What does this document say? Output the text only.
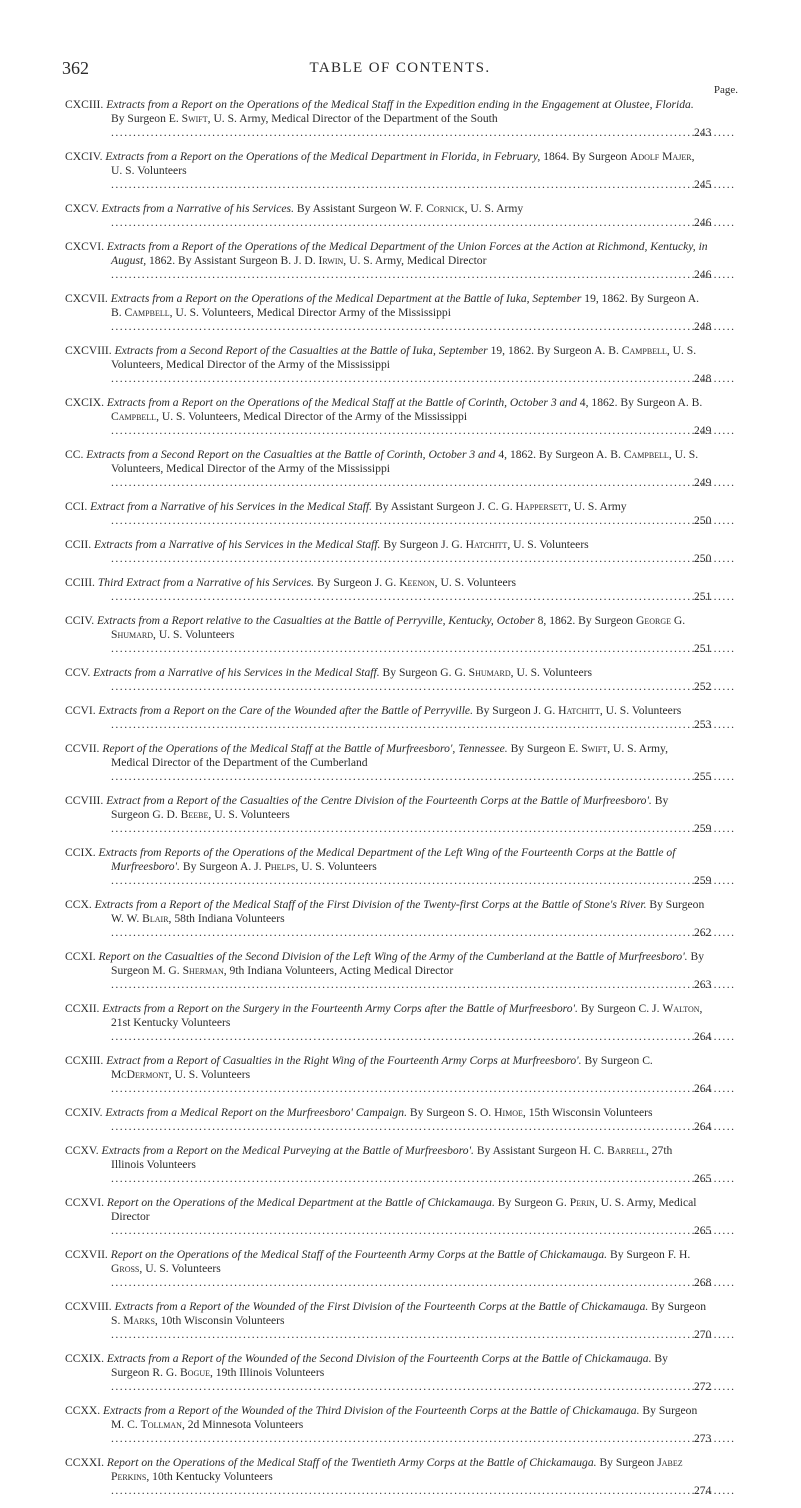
362	TABLE OF CONTENTS.
Page.
CXCIII. Extracts from a Report on the Operations of the Medical Staff in the Expedition ending in the Engagement at Olustee, Florida. By Surgeon E. Swift, U. S. Army, Medical Director of the Department of the South .....
243
CXCIV. Extracts from a Report on the Operations of the Medical Department in Florida, in February, 1864. By Surgeon Adolf Majer, U. S. Volunteers .....
245
CXCV. Extracts from a Narrative of his Services. By Assistant Surgeon W. F. Cornick, U. S. Army .....
246
CXCVI. Extracts from a Report of the Operations of the Medical Department of the Union Forces at the Action at Richmond, Kentucky, in August, 1862. By Assistant Surgeon B. J. D. Irwin, U. S. Army, Medical Director .....
246
CXCVII. Extracts from a Report on the Operations of the Medical Department at the Battle of Iuka, September 19, 1862. By Surgeon A. B. Campbell, U. S. Volunteers, Medical Director Army of the Mississippi .....
248
CXCVIII. Extracts from a Second Report of the Casualties at the Battle of Iuka, September 19, 1862. By Surgeon A. B. Campbell, U. S. Volunteers, Medical Director of the Army of the Mississippi .....
248
CXCIX. Extracts from a Report on the Operations of the Medical Staff at the Battle of Corinth, October 3 and 4, 1862. By Surgeon A. B. Campbell, U. S. Volunteers, Medical Director of the Army of the Mississippi .....
249
CC. Extracts from a Second Report on the Casualties at the Battle of Corinth, October 3 and 4, 1862. By Surgeon A. B. Campbell, U. S. Volunteers, Medical Director of the Army of the Mississippi .....
249
CCI. Extract from a Narrative of his Services in the Medical Staff. By Assistant Surgeon J. C. G. Happersett, U. S. Army .....
250
CCII. Extracts from a Narrative of his Services in the Medical Staff. By Surgeon J. G. Hatchitt, U. S. Volunteers .....
250
CCIII. Third Extract from a Narrative of his Services. By Surgeon J. G. Keenon, U. S. Volunteers .....
251
CCIV. Extracts from a Report relative to the Casualties at the Battle of Perryville, Kentucky, October 8, 1862. By Surgeon George G. Shumard, U. S. Volunteers .....
251
CCV. Extracts from a Narrative of his Services in the Medical Staff. By Surgeon G. G. Shumard, U. S. Volunteers .....
252
CCVI. Extracts from a Report on the Care of the Wounded after the Battle of Perryville. By Surgeon J. G. Hatchitt, U. S. Volunteers .....
253
CCVII. Report of the Operations of the Medical Staff at the Battle of Murfreesboro', Tennessee. By Surgeon E. Swift, U. S. Army, Medical Director of the Department of the Cumberland .....
255
CCVIII. Extract from a Report of the Casualties of the Centre Division of the Fourteenth Corps at the Battle of Murfreesboro'. By Surgeon G. D. Beebe, U. S. Volunteers .....
259
CCIX. Extracts from Reports of the Operations of the Medical Department of the Left Wing of the Fourteenth Corps at the Battle of Murfreesboro'. By Surgeon A. J. Phelps, U. S. Volunteers .....
259
CCX. Extracts from a Report of the Medical Staff of the First Division of the Twenty-first Corps at the Battle of Stone's River. By Surgeon W. W. Blair, 58th Indiana Volunteers .....
262
CCXI. Report on the Casualties of the Second Division of the Left Wing of the Army of the Cumberland at the Battle of Murfreesboro'. By Surgeon M. G. Sherman, 9th Indiana Volunteers, Acting Medical Director .....
263
CCXII. Extracts from a Report on the Surgery in the Fourteenth Army Corps after the Battle of Murfreesboro'. By Surgeon C. J. Walton, 21st Kentucky Volunteers .....
264
CCXIII. Extract from a Report of Casualties in the Right Wing of the Fourteenth Army Corps at Murfreesboro'. By Surgeon C. McDermont, U. S. Volunteers .....
264
CCXIV. Extracts from a Medical Report on the Murfreesboro' Campaign. By Surgeon S. O. Himoe, 15th Wisconsin Volunteers .....
264
CCXV. Extracts from a Report on the Medical Purveying at the Battle of Murfreesboro'. By Assistant Surgeon H. C. Barrell, 27th Illinois Volunteers .....
265
CCXVI. Report on the Operations of the Medical Department at the Battle of Chickamauga. By Surgeon G. Perin, U. S. Army, Medical Director .....
265
CCXVII. Report on the Operations of the Medical Staff of the Fourteenth Army Corps at the Battle of Chickamauga. By Surgeon F. H. Gross, U. S. Volunteers .....
268
CCXVIII. Extracts from a Report of the Wounded of the First Division of the Fourteenth Corps at the Battle of Chickamauga. By Surgeon S. Marks, 10th Wisconsin Volunteers .....
270
CCXIX. Extracts from a Report of the Wounded of the Second Division of the Fourteenth Corps at the Battle of Chickamauga. By Surgeon R. G. Bogue, 19th Illinois Volunteers .....
272
CCXX. Extracts from a Report of the Wounded of the Third Division of the Fourteenth Corps at the Battle of Chickamauga. By Surgeon M. C. Tollman, 2d Minnesota Volunteers .....
273
CCXXI. Report on the Operations of the Medical Staff of the Twentieth Army Corps at the Battle of Chickamauga. By Surgeon Jabez Perkins, 10th Kentucky Volunteers .....
274
